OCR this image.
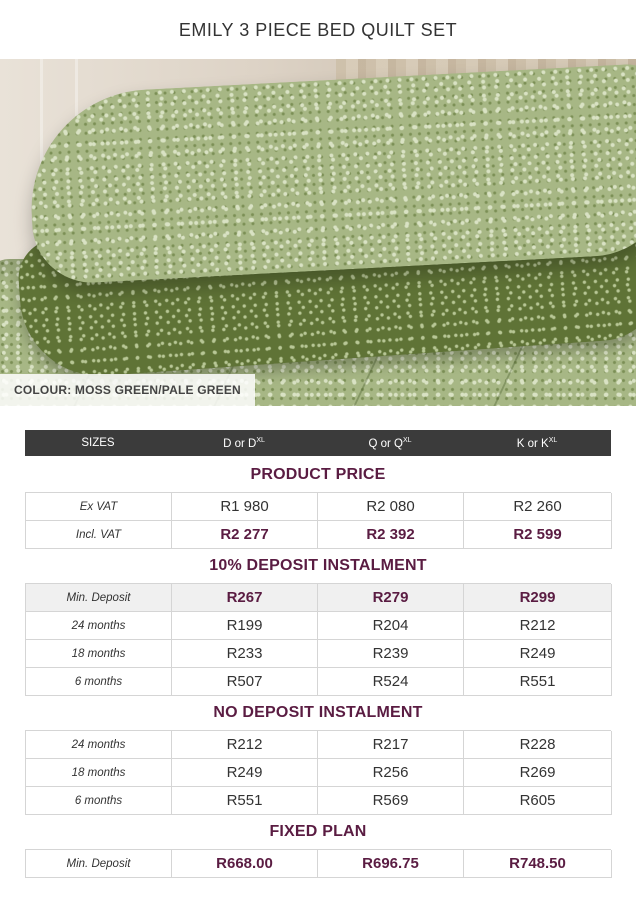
EMILY 3 PIECE BED QUILT SET
COLOUR: MOSS GREEN/PALE GREEN
SIZES	D or $D^{XL}$	Q or $Q^{XL}$	K or $K^{XL}$
PRODUCT PRICE
Ex VAT	R1 980	R2 080	R2 260
Incl. VAT	R2 277	R2 392	R2 599
10% DEPOSIT INSTALMENT
Min. Deposit	R267	R279	R299
24 months	R199	R204	R212
18 months	R233	R239	R249
6 months	R507	R524	R551
NO DEPOSIT INSTALMENT
24 months	R212	R217	R228
18 months	R249	R256	R269
6 months	R551	R569	R605
FIXED PLAN
Min. Deposit	R668.00	R696.75	R748.50
